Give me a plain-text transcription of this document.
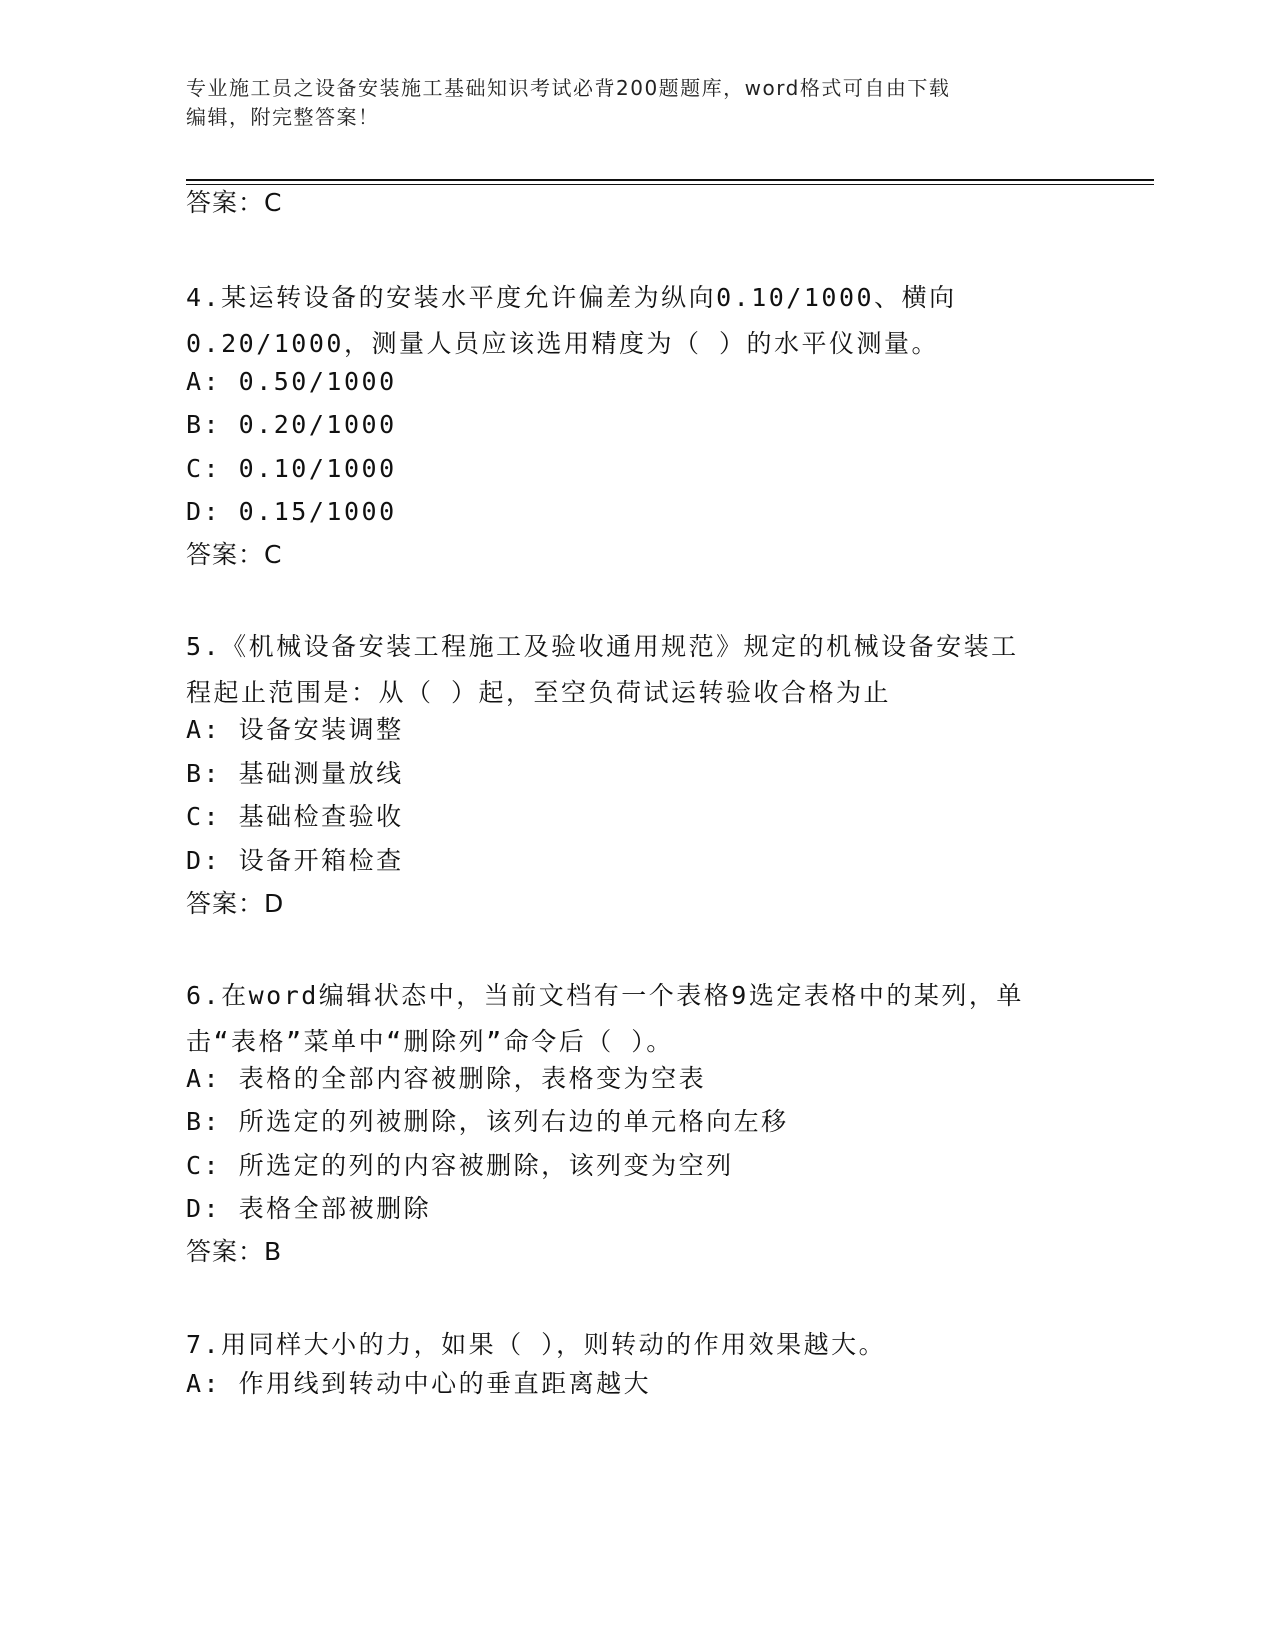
专业施工员之设备安装施工基础知识考试必背200题题库，word格式可自由下载
编辑，附完整答案！
答案：C
4.某运转设备的安装水平度允许偏差为纵向0.10/1000、横向
0.20/1000，测量人员应该选用精度为（ ）的水平仪测量。
A: 0.50/1000
B: 0.20/1000
C: 0.10/1000
D: 0.15/1000
答案：C
5.《机械设备安装工程施工及验收通用规范》规定的机械设备安装工
程起止范围是：从（ ）起，至空负荷试运转验收合格为止
A: 设备安装调整
B: 基础测量放线
C: 基础检查验收
D: 设备开箱检查
答案：D
6.在word编辑状态中，当前文档有一个表格9选定表格中的某列，单
击“表格”菜单中“删除列”命令后（ ）。
A: 表格的全部内容被删除，表格变为空表
B: 所选定的列被删除，该列右边的单元格向左移
C: 所选定的列的内容被删除，该列变为空列
D: 表格全部被删除
答案：B
7.用同样大小的力，如果（ ），则转动的作用效果越大。
A: 作用线到转动中心的垂直距离越大
